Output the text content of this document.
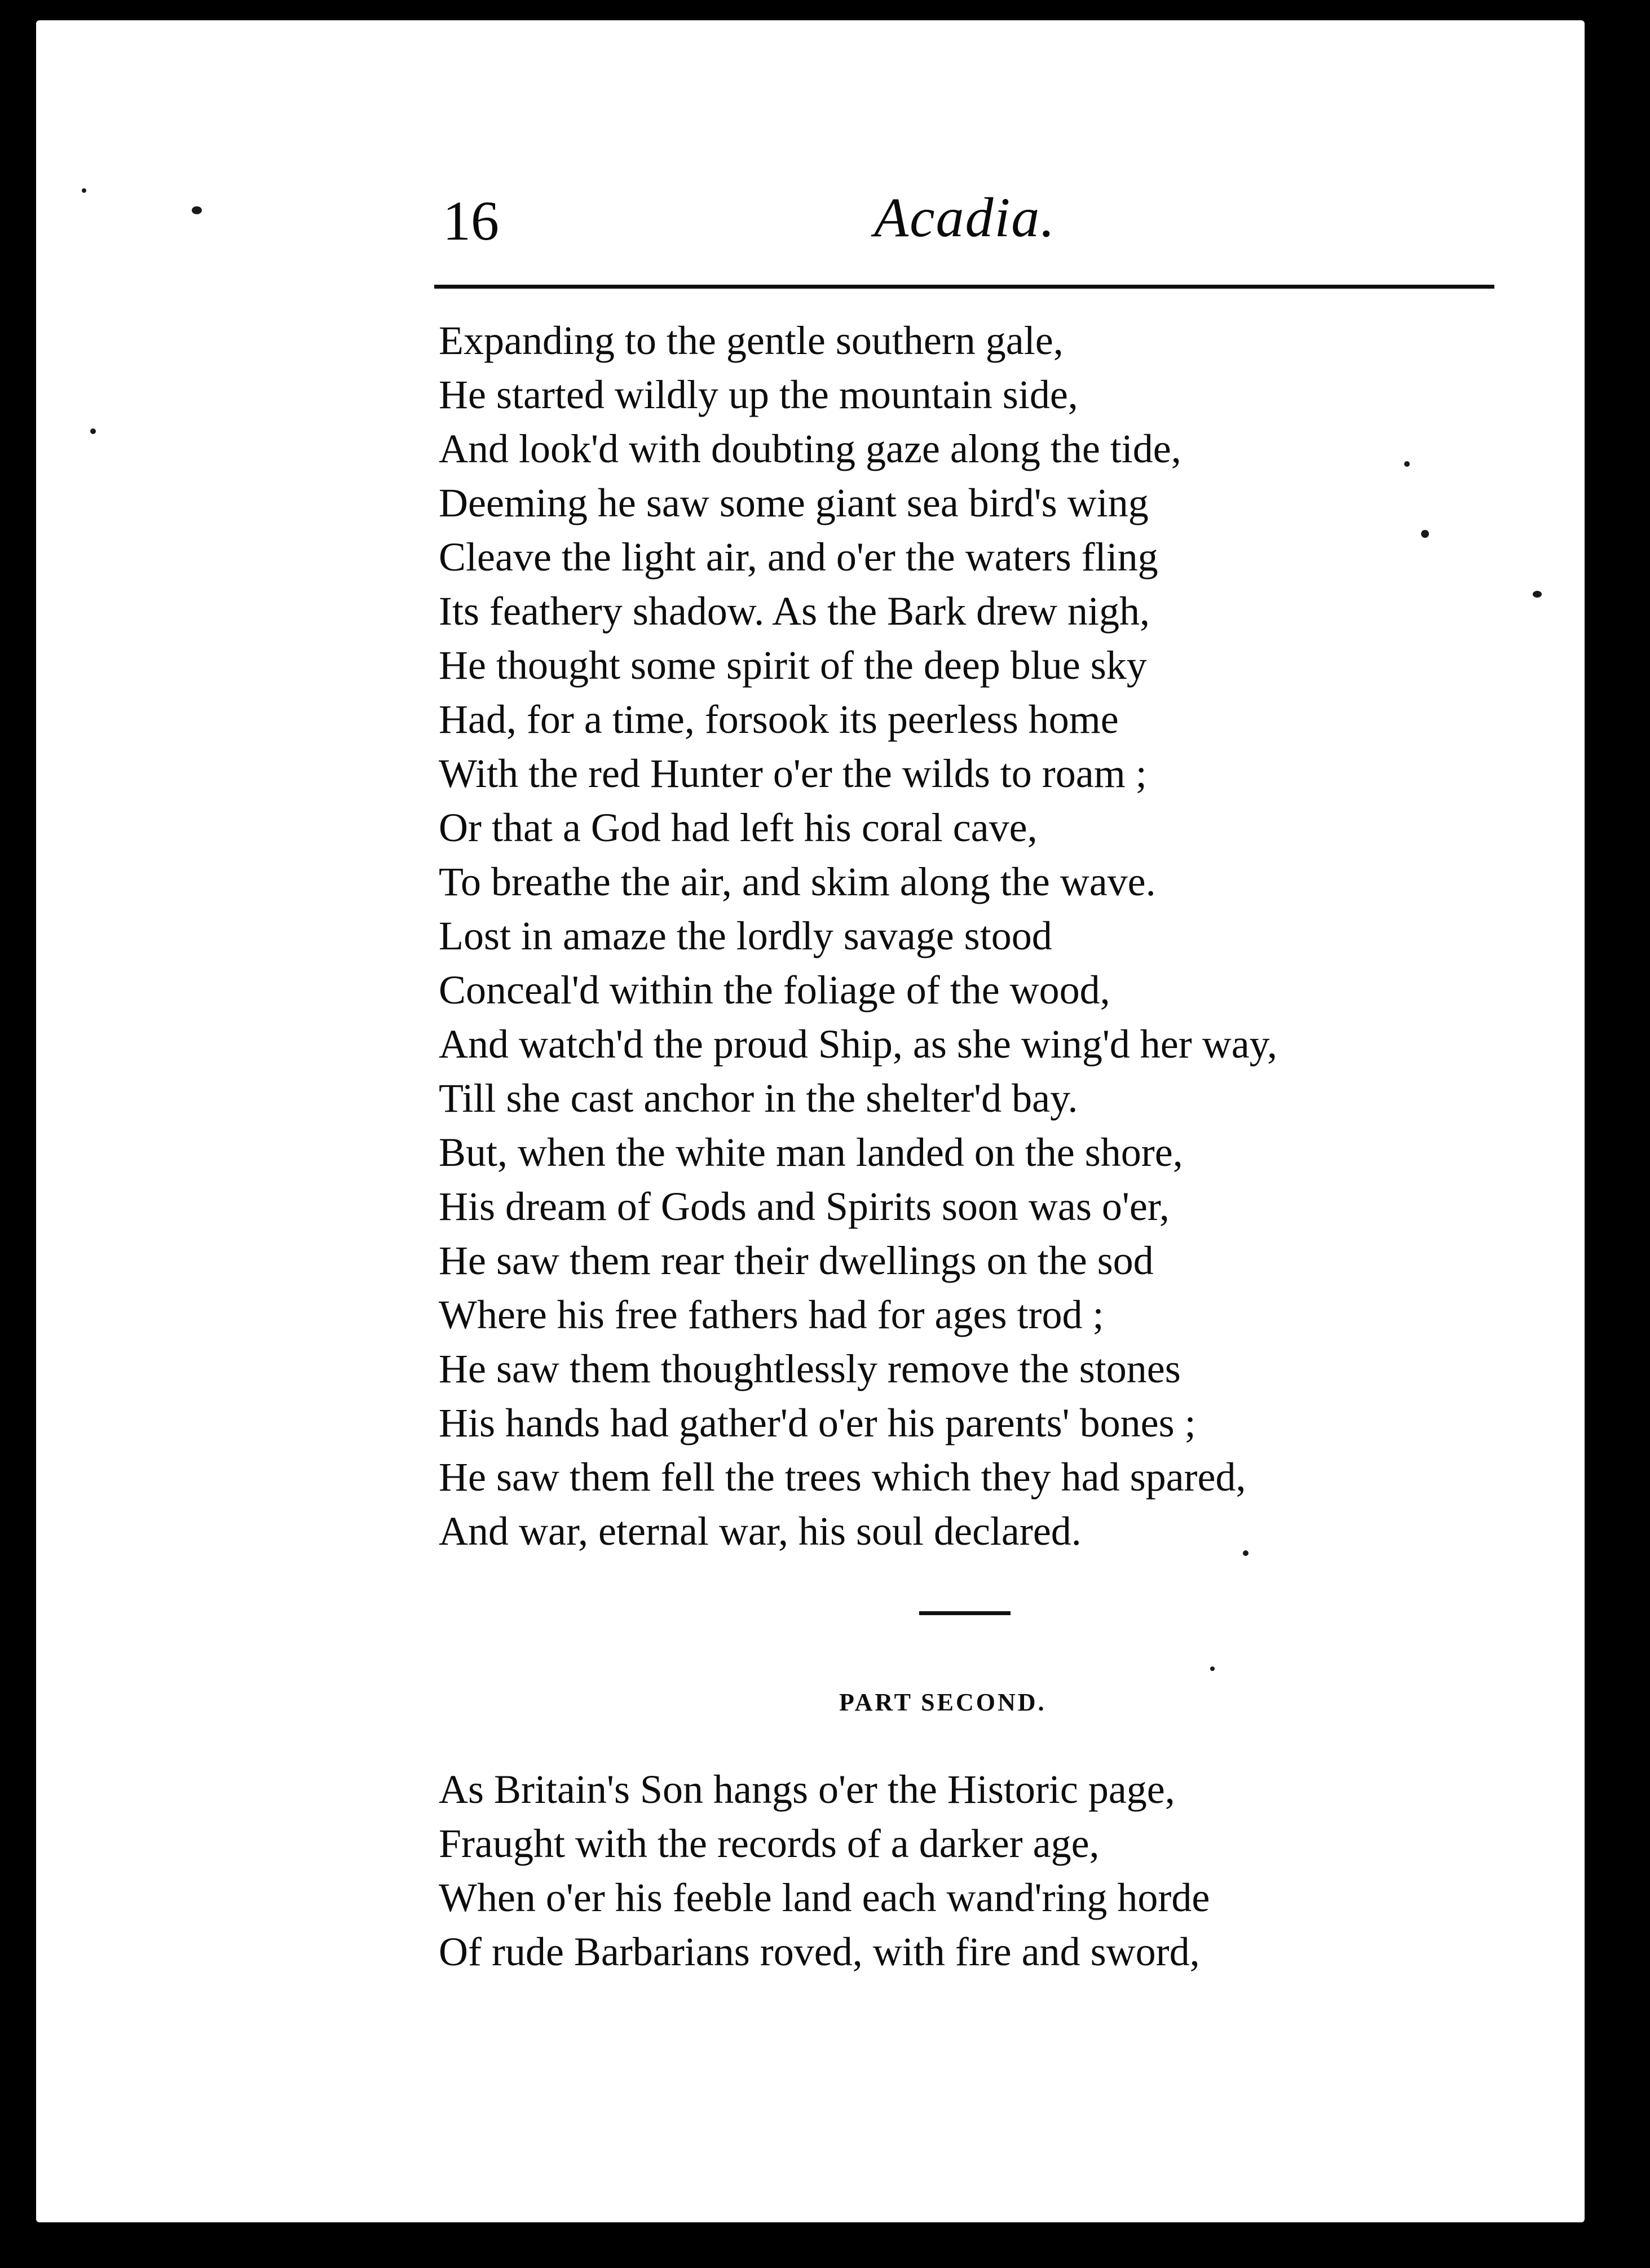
16	Acadia.
Expanding to the gentle southern gale,
He started wildly up the mountain side,
And look'd with doubting gaze along the tide,
Deeming he saw some giant sea bird's wing
Cleave the light air, and o'er the waters fling
Its feathery shadow. As the Bark drew nigh,
He thought some spirit of the deep blue sky
Had, for a time, forsook its peerless home
With the red Hunter o'er the wilds to roam ;
Or that a God had left his coral cave,
To breathe the air, and skim along the wave.
Lost in amaze the lordly savage stood
Conceal'd within the foliage of the wood,
And watch'd the proud Ship, as she wing'd her way,
Till she cast anchor in the shelter'd bay.
But, when the white man landed on the shore,
His dream of Gods and Spirits soon was o'er,
He saw them rear their dwellings on the sod
Where his free fathers had for ages trod ;
He saw them thoughtlessly remove the stones
His hands had gather'd o'er his parents' bones ;
He saw them fell the trees which they had spared,
And war, eternal war, his soul declared.
PART SECOND.
As Britain's Son hangs o'er the Historic page,
Fraught with the records of a darker age,
When o'er his feeble land each wand'ring horde
Of rude Barbarians roved, with fire and sword,
